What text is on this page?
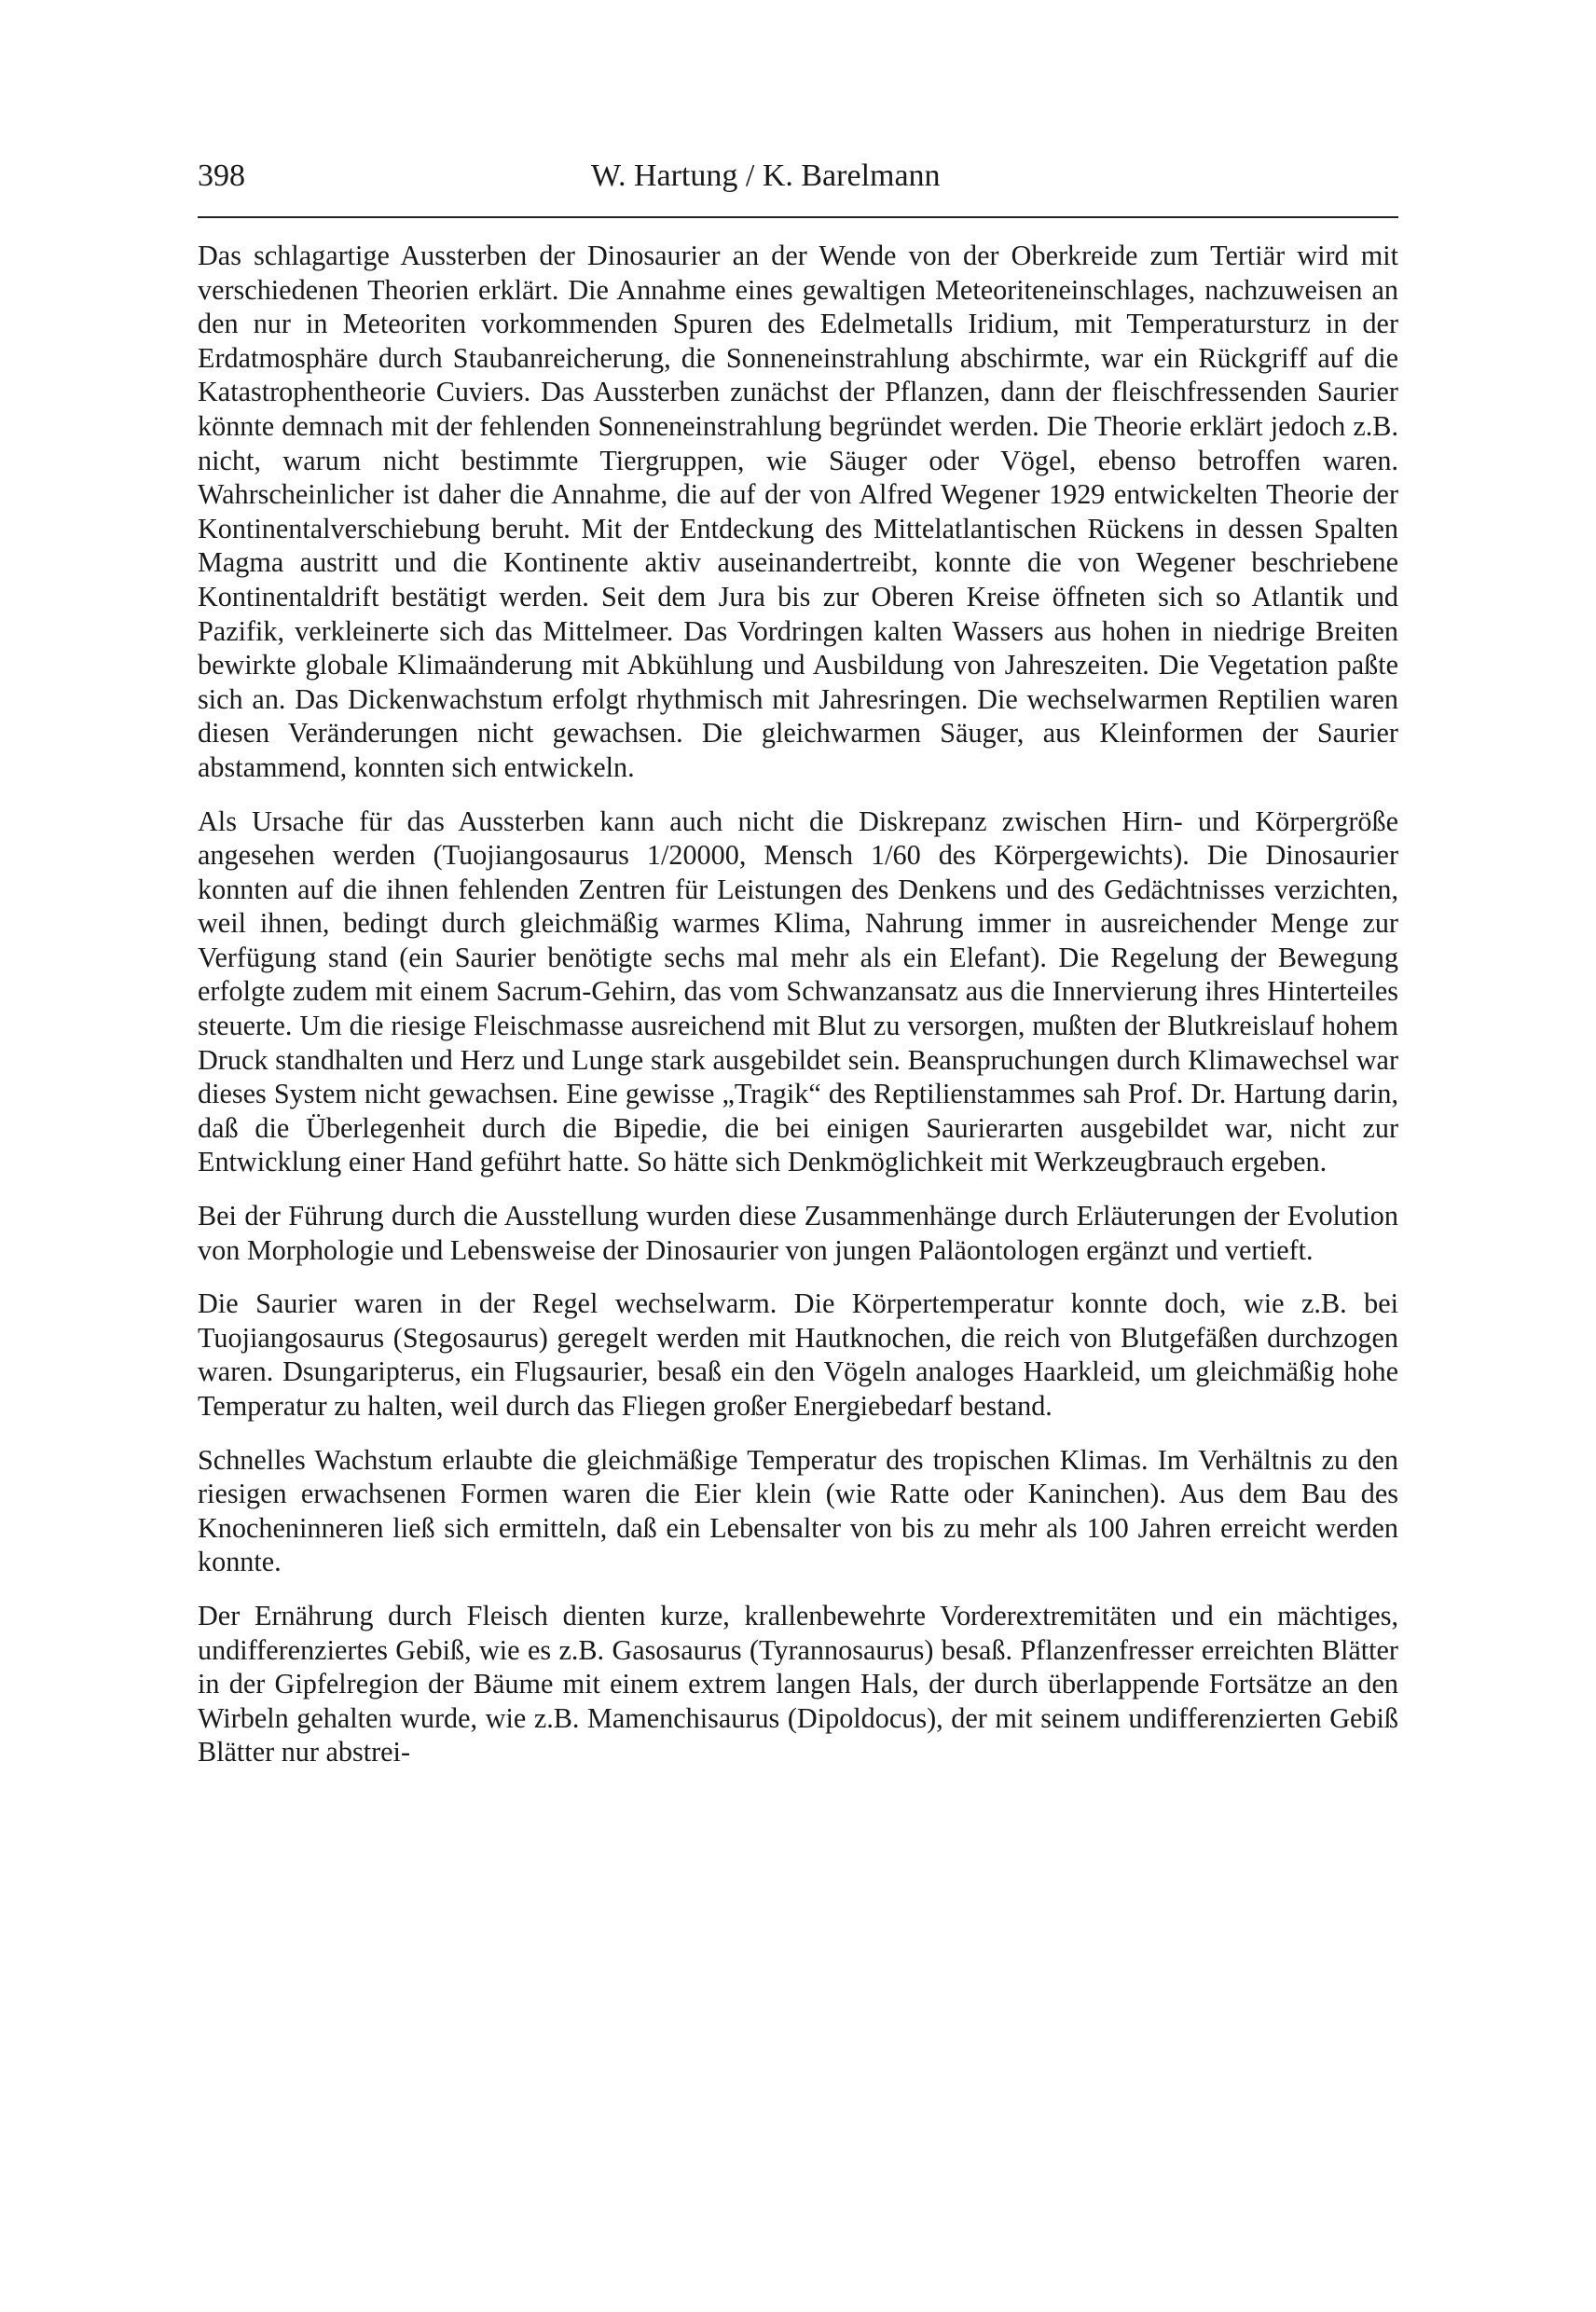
398	W. Hartung / K. Barelmann

Das schlagartige Aussterben der Dinosaurier an der Wende von der Oberkreide zum Tertiär wird mit verschiedenen Theorien erklärt. Die Annahme eines gewaltigen Meteoriteneinschlages, nachzuweisen an den nur in Meteoriten vorkommenden Spuren des Edelmetalls Iridium, mit Temperatursturz in der Erdatmosphäre durch Staubanreicherung, die Sonneneinstrahlung abschirmte, war ein Rückgriff auf die Katastrophentheorie Cuviers. Das Aussterben zunächst der Pflanzen, dann der fleischfressenden Saurier könnte demnach mit der fehlenden Sonneneinstrahlung begründet werden. Die Theorie erklärt jedoch z.B. nicht, warum nicht bestimmte Tiergruppen, wie Säuger oder Vögel, ebenso betroffen waren. Wahrscheinlicher ist daher die Annahme, die auf der von Alfred Wegener 1929 entwickelten Theorie der Kontinentalverschiebung beruht. Mit der Entdeckung des Mittelatlantischen Rückens in dessen Spalten Magma austritt und die Kontinente aktiv auseinandertreibt, konnte die von Wegener beschriebene Kontinentaldrift bestätigt werden. Seit dem Jura bis zur Oberen Kreise öffneten sich so Atlantik und Pazifik, verkleinerte sich das Mittelmeer. Das Vordringen kalten Wassers aus hohen in niedrige Breiten bewirkte globale Klimaänderung mit Abkühlung und Ausbildung von Jahreszeiten. Die Vegetation paßte sich an. Das Dickenwachstum erfolgt rhythmisch mit Jahresringen. Die wechselwarmen Reptilien waren diesen Veränderungen nicht gewachsen. Die gleichwarmen Säuger, aus Kleinformen der Saurier abstammend, konnten sich entwickeln.

Als Ursache für das Aussterben kann auch nicht die Diskrepanz zwischen Hirn- und Körpergröße angesehen werden (Tuojiangosaurus 1/20000, Mensch 1/60 des Körpergewichts). Die Dinosaurier konnten auf die ihnen fehlenden Zentren für Leistungen des Denkens und des Gedächtnisses verzichten, weil ihnen, bedingt durch gleichmäßig warmes Klima, Nahrung immer in ausreichender Menge zur Verfügung stand (ein Saurier benötigte sechs mal mehr als ein Elefant). Die Regelung der Bewegung erfolgte zudem mit einem Sacrum-Gehirn, das vom Schwanzansatz aus die Innervierung ihres Hinterteiles steuerte. Um die riesige Fleischmasse ausreichend mit Blut zu versorgen, mußten der Blutkreislauf hohem Druck standhalten und Herz und Lunge stark ausgebildet sein. Beanspruchungen durch Klimawechsel war dieses System nicht gewachsen. Eine gewisse „Tragik“ des Reptilienstammes sah Prof. Dr. Hartung darin, daß die Überlegenheit durch die Bipedie, die bei einigen Saurierarten ausgebildet war, nicht zur Entwicklung einer Hand geführt hatte. So hätte sich Denkmöglichkeit mit Werkzeugbrauch ergeben.

Bei der Führung durch die Ausstellung wurden diese Zusammenhänge durch Erläuterungen der Evolution von Morphologie und Lebensweise der Dinosaurier von jungen Paläontologen ergänzt und vertieft.

Die Saurier waren in der Regel wechselwarm. Die Körpertemperatur konnte doch, wie z.B. bei Tuojiangosaurus (Stegosaurus) geregelt werden mit Hautknochen, die reich von Blutgefäßen durchzogen waren. Dsungaripterus, ein Flugsaurier, besaß ein den Vögeln analoges Haarkleid, um gleichmäßig hohe Temperatur zu halten, weil durch das Fliegen großer Energiebedarf bestand.

Schnelles Wachstum erlaubte die gleichmäßige Temperatur des tropischen Klimas. Im Verhältnis zu den riesigen erwachsenen Formen waren die Eier klein (wie Ratte oder Kaninchen). Aus dem Bau des Knocheninneren ließ sich ermitteln, daß ein Lebensalter von bis zu mehr als 100 Jahren erreicht werden konnte.

Der Ernährung durch Fleisch dienten kurze, krallenbewehrte Vorderextremitäten und ein mächtiges, undifferenziertes Gebiß, wie es z.B. Gasosaurus (Tyrannosaurus) besaß. Pflanzenfresser erreichten Blätter in der Gipfelregion der Bäume mit einem extrem langen Hals, der durch überlappende Fortsätze an den Wirbeln gehalten wurde, wie z.B. Mamenchisaurus (Dipoldocus), der mit seinem undifferenzierten Gebiß Blätter nur abstrei-
